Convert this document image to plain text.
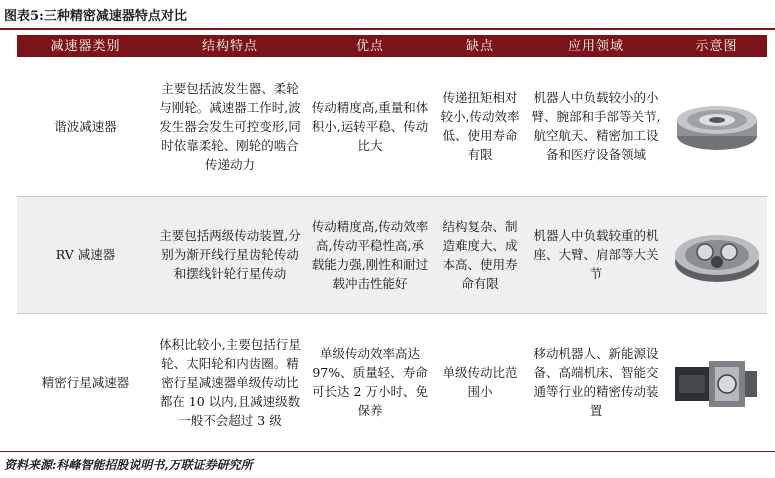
图表5:三种精密减速器特点对比
减速器类别	结构特点	优点	缺点	应用领域	示意图
谐波减速器	主要包括波发生器、柔轮与刚轮。减速器工作时,波发生器会发生可控变形,同时依靠柔轮、刚轮的啮合传递动力	传动精度高,重量和体积小,运转平稳、传动比大	传递扭矩相对较小,传动效率低、使用寿命有限	机器人中负载较小的小臂、腕部和手部等关节,航空航天、精密加工设备和医疗设备领域	

RV 减速器	主要包括两级传动装置,分别为渐开线行星齿轮传动和摆线针轮行星传动	传动精度高,传动效率高,传动平稳性高,承载能力强,刚性和耐过载冲击性能好	结构复杂、制造难度大、成本高、使用寿命有限	机器人中负载较重的机座、大臂、肩部等大关节	

精密行星减速器	体积比较小,主要包括行星轮、太阳轮和内齿圈。精密行星减速器单级传动比都在 10 以内,且减速级数一般不会超过 3 级	单级传动效率高达 97%、质量轻、寿命可长达 2 万小时、免保养	单级传动比范围小	移动机器人、新能源设备、高端机床、智能交通等行业的精密传动装置	
资料来源:科峰智能招股说明书,万联证券研究所
